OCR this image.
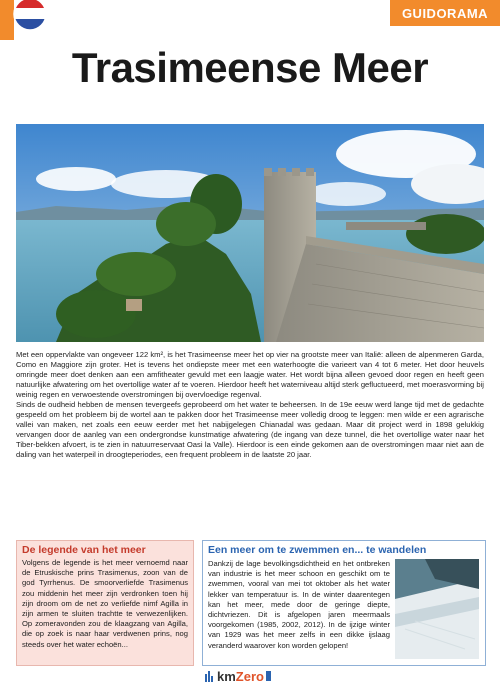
GUIDORAMA
Trasimeense Meer

Met een oppervlakte van ongeveer 122 km², is het Trasimeense meer het op vier na grootste meer van Italië: alleen de alpenmeren Garda, Como en Maggiore zijn groter. Het is tevens het ondiepste meer met een waterhoogte die varieert van 4 tot 6 meter. Het door heuvels omringde meer doet denken aan een amfitheater gevuld met een laagje water. Het wordt bijna alleen gevoed door regen en heeft geen natuurlijke afwatering om het overtollige water af te voeren. Hierdoor heeft het waterniveau altijd sterk gefluctueerd, met moerasvorming bij weinig regen en verwoestende overstromingen bij overvloedige regenval.

Sinds de oudheid hebben de mensen tevergeefs geprobeerd om het water te beheersen. In de 19e eeuw werd lange tijd met de gedachte gespeeld om het probleem bij de wortel aan te pakken door het Trasimeense meer volledig droog te leggen: men wilde er een agrarische vallei van maken, net zoals een eeuw eerder met het nabijgelegen Chianadal was gedaan. Maar dit project werd in 1898 gelukkig vervangen door de aanleg van een ondergrondse kunstmatige afwatering (de ingang van deze tunnel, die het overtollige water naar het Tiber-bekken afvoert, is te zien in natuurreservaat Oasi la Valle). Hierdoor is een einde gekomen aan de overstromingen maar niet aan de daling van het waterpeil in droogteperiodes, een frequent probleem in de laatste 20 jaar.

De legende van het meer
Volgens de legende is het meer vernoemd naar de Etruskische prins Trasimenus, zoon van de god Tyrrhenus. De smoorverliefde Trasimenus zou middenin het meer zijn verdronken toen hij zijn droom om de net zo verliefde nimf Agilla in zijn armen te sluiten trachtte te verwezenlijken. Op zomeravonden zou de klaagzang van Agilla, die op zoek is naar haar verdwenen prins, nog steeds over het water echoën...
Een meer om te zwemmen en... te wandelen
Dankzij de lage bevolkingsdichtheid en het ontbreken van industrie is het meer schoon en geschikt om te zwemmen, vooral van mei tot oktober als het water lekker van temperatuur is. In de winter daarentegen kan het meer, mede door de geringe diepte, dichtvriezen. Dit is afgelopen jaren meermaals voorgekomen (1985, 2002, 2012). In de ijzige winter van 1929 was het meer zelfs in een dikke ijslaag veranderd waarover kon worden gelopen!
kmZero
